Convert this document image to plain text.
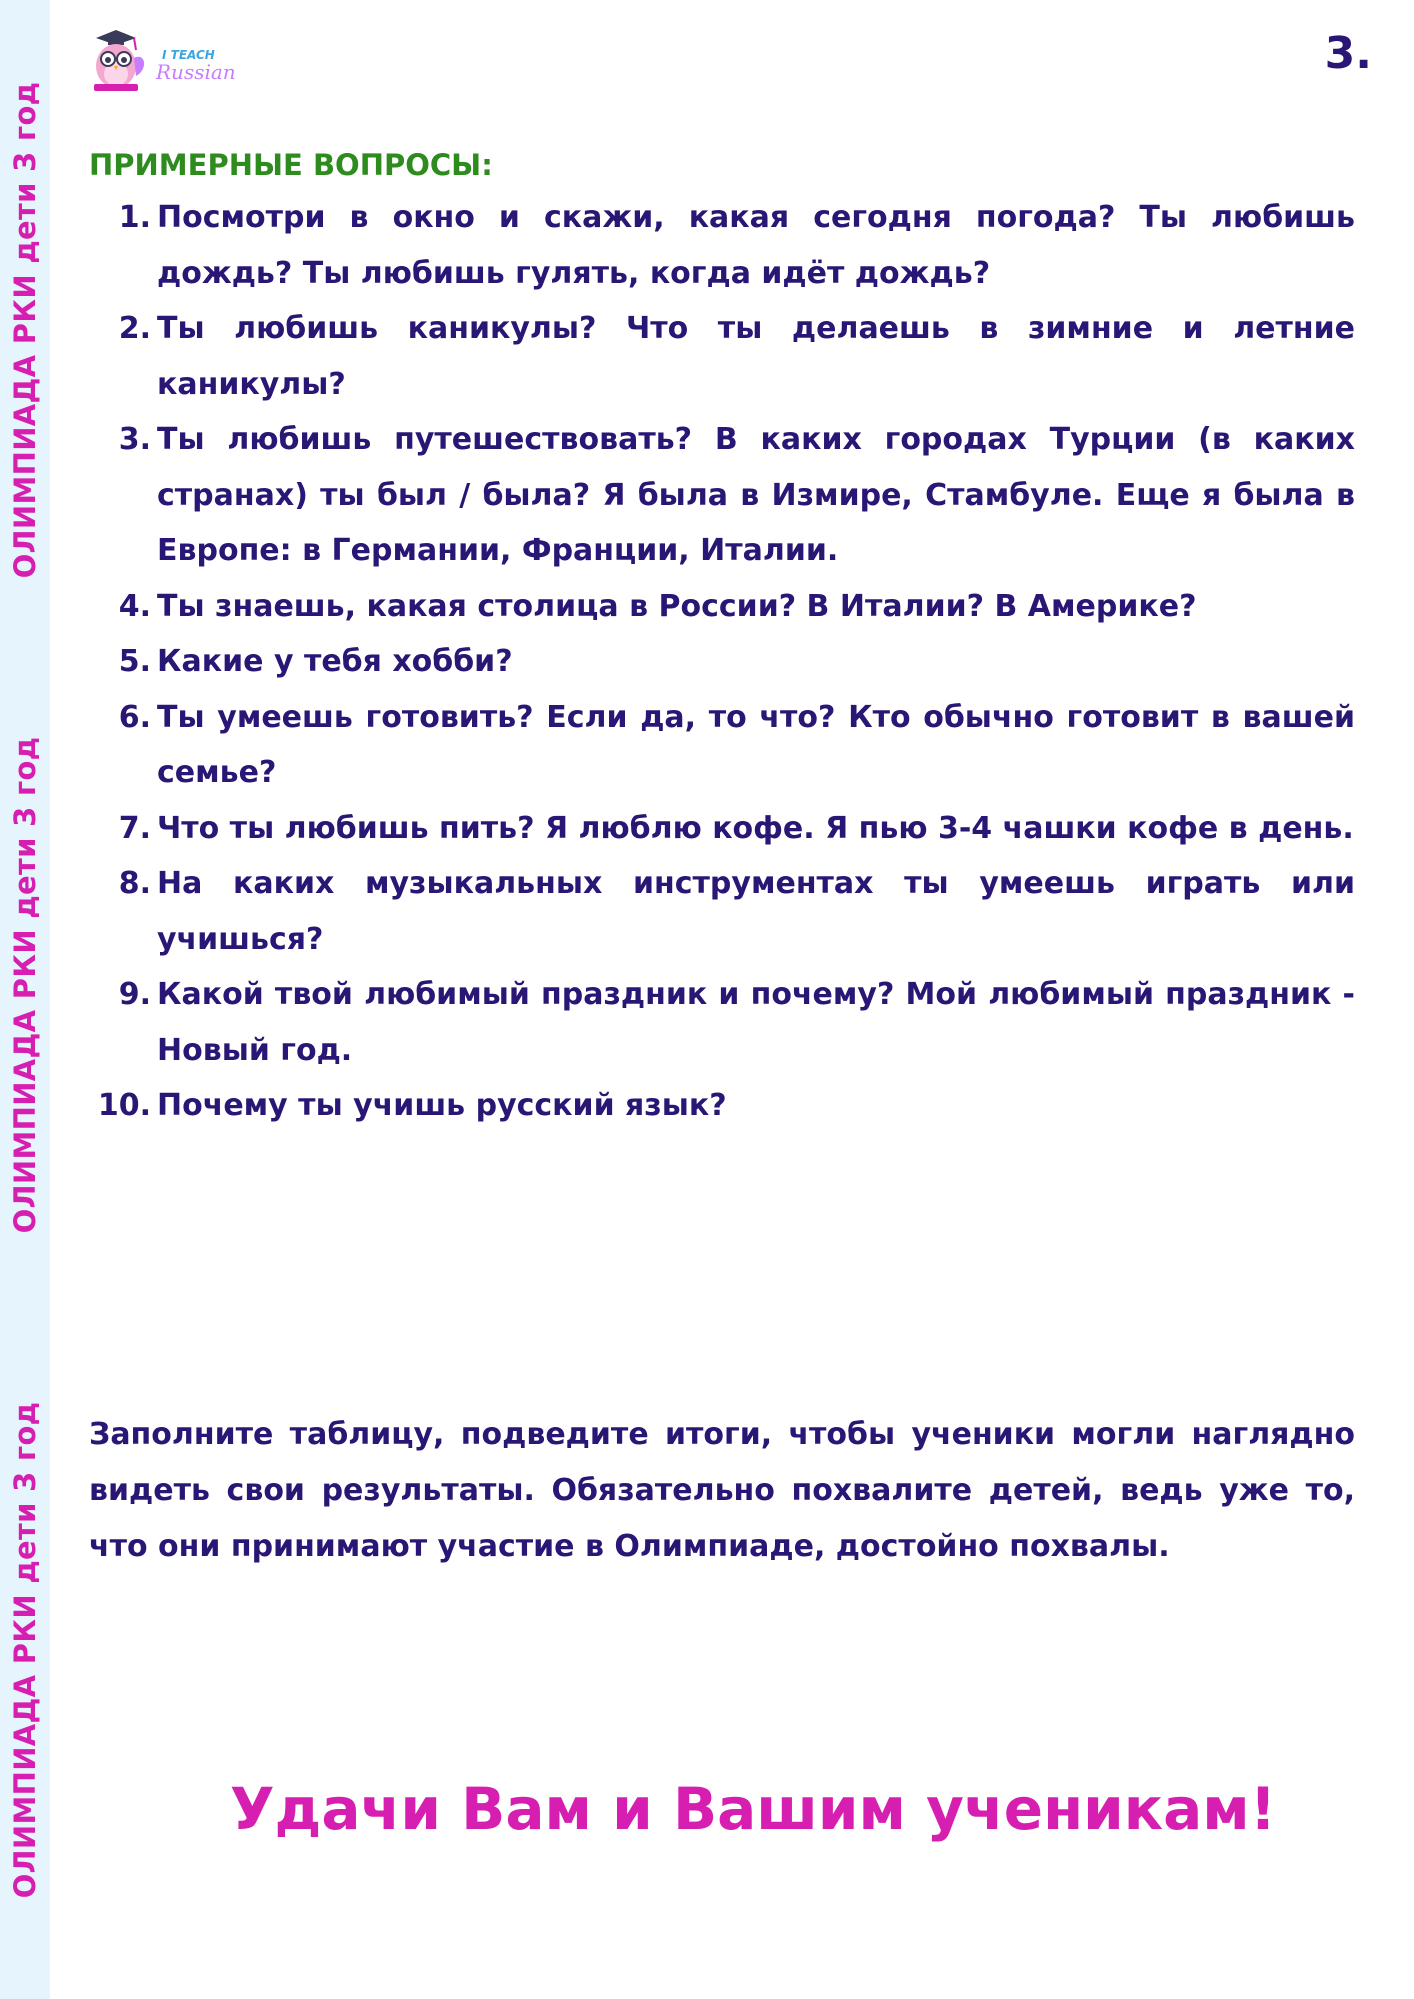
ОЛИМПИАДА РКИ дети 3 год
ОЛИМПИАДА РКИ дети 3 год
ОЛИМПИАДА РКИ дети 3 год
I TEACH
Russian	3.
ПРИМЕРНЫЕ ВОПРОСЫ:
1. Посмотри в окно и скажи, какая сегодня погода? Ты любишь дождь? Ты любишь гулять, когда идёт дождь?
2. Ты любишь каникулы? Что ты делаешь в зимние и летние каникулы?
3. Ты любишь путешествовать? В каких городах Турции (в каких странах) ты был / была? Я была в Измире, Стамбуле. Еще я была в Европе: в Германии, Франции, Италии.
4. Ты знаешь, какая столица в России? В Италии? В Америке?
5. Какие у тебя хобби?
6. Ты умеешь готовить? Если да, то что? Кто обычно готовит в вашей семье?
7. Что ты любишь пить? Я люблю кофе. Я пью 3-4 чашки кофе в день.
8. На каких музыкальных инструментах ты умеешь играть или учишься?
9. Какой твой любимый праздник и почему? Мой любимый праздник - Новый год.
10. Почему ты учишь русский язык?

Заполните таблицу, подведите итоги, чтобы ученики могли наглядно видеть свои результаты. Обязательно похвалите детей, ведь уже то, что они принимают участие в Олимпиаде, достойно похвалы.

Удачи Вам и Вашим ученикам!
